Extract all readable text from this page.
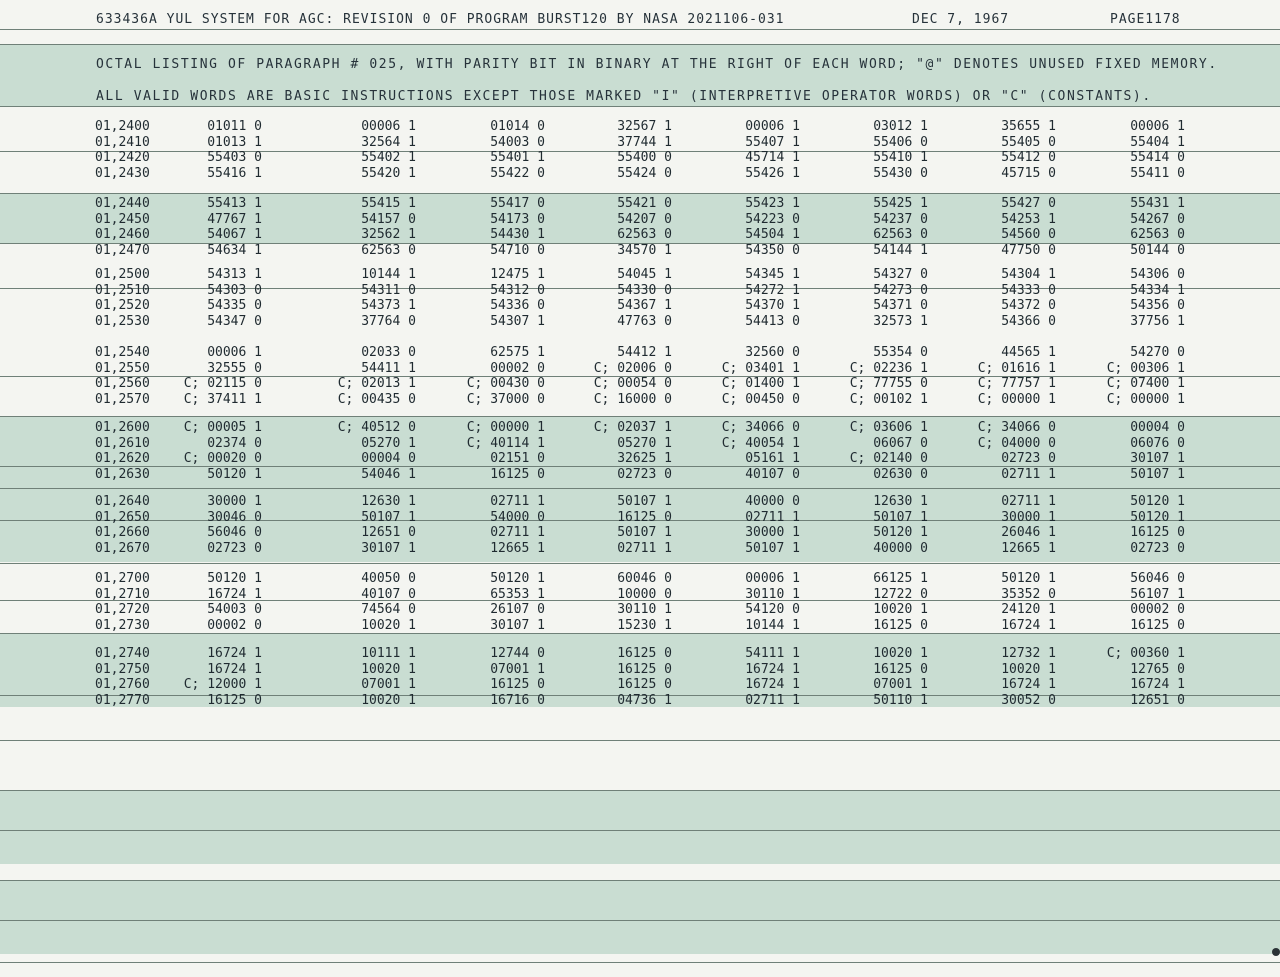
633436A YUL SYSTEM FOR AGC: REVISION 0 OF PROGRAM BURST120 BY NASA 2021106-031	DEC 7, 1967	PAGE1178
OCTAL LISTING OF PARAGRAPH # 025, WITH PARITY BIT IN BINARY AT THE RIGHT OF EACH WORD; "@" DENOTES UNUSED FIXED MEMORY.
ALL VALID WORDS ARE BASIC INSTRUCTIONS EXCEPT THOSE MARKED "I" (INTERPRETIVE OPERATOR WORDS) OR "C" (CONSTANTS).
01,2400	01011 0	00006 1	01014 0	32567 1	00006 1	03012 1	35655 1	00006 1
01,2410	01013 1	32564 1	54003 0	37744 1	55407 1	55406 0	55405 0	55404 1
01,2420	55403 0	55402 1	55401 1	55400 0	45714 1	55410 1	55412 0	55414 0
01,2430	55416 1	55420 1	55422 0	55424 0	55426 1	55430 0	45715 0	55411 0
01,2440	55413 1	55415 1	55417 0	55421 0	55423 1	55425 1	55427 0	55431 1
01,2450	47767 1	54157 0	54173 0	54207 0	54223 0	54237 0	54253 1	54267 0
01,2460	54067 1	32562 1	54430 1	62563 0	54504 1	62563 0	54560 0	62563 0
01,2470	54634 1	62563 0	54710 0	34570 1	54350 0	54144 1	47750 0	50144 0
01,2500	54313 1	10144 1	12475 1	54045 1	54345 1	54327 0	54304 1	54306 0
01,2510	54303 0	54311 0	54312 0	54330 0	54272 1	54273 0	54333 0	54334 1
01,2520	54335 0	54373 1	54336 0	54367 1	54370 1	54371 0	54372 0	54356 0
01,2530	54347 0	37764 0	54307 1	47763 0	54413 0	32573 1	54366 0	37756 1
01,2540	00006 1	02033 0	62575 1	54412 1	32560 0	55354 0	44565 1	54270 0
01,2550	32555 0	54411 1	00002 0	C; 02006 0	C; 03401 1	C; 02236 1	C; 01616 1	C; 00306 1
01,2560	C; 02115 0	C; 02013 1	C; 00430 0	C; 00054 0	C; 01400 1	C; 77755 0	C; 77757 1	C; 07400 1
01,2570	C; 37411 1	C; 00435 0	C; 37000 0	C; 16000 0	C; 00450 0	C; 00102 1	C; 00000 1	C; 00000 1
01,2600	C; 00005 1	C; 40512 0	C; 00000 1	C; 02037 1	C; 34066 0	C; 03606 1	C; 34066 0	00004 0
01,2610	02374 0	05270 1	C; 40114 1	05270 1	C; 40054 1	06067 0	C; 04000 0	06076 0
01,2620	C; 00020 0	00004 0	02151 0	32625 1	05161 1	C; 02140 0	02723 0	30107 1
01,2630	50120 1	54046 1	16125 0	02723 0	40107 0	02630 0	02711 1	50107 1
01,2640	30000 1	12630 1	02711 1	50107 1	40000 0	12630 1	02711 1	50120 1
01,2650	30046 0	50107 1	54000 0	16125 0	02711 1	50107 1	30000 1	50120 1
01,2660	56046 0	12651 0	02711 1	50107 1	30000 1	50120 1	26046 1	16125 0
01,2670	02723 0	30107 1	12665 1	02711 1	50107 1	40000 0	12665 1	02723 0
01,2700	50120 1	40050 0	50120 1	60046 0	00006 1	66125 1	50120 1	56046 0
01,2710	16724 1	40107 0	65353 1	10000 0	30110 1	12722 0	35352 0	56107 1
01,2720	54003 0	74564 0	26107 0	30110 1	54120 0	10020 1	24120 1	00002 0
01,2730	00002 0	10020 1	30107 1	15230 1	10144 1	16125 0	16724 1	16125 0
01,2740	16724 1	10111 1	12744 0	16125 0	54111 1	10020 1	12732 1	C; 00360 1
01,2750	16724 1	10020 1	07001 1	16125 0	16724 1	16125 0	10020 1	12765 0
01,2760	C; 12000 1	07001 1	16125 0	16125 0	16724 1	07001 1	16724 1	16724 1
01,2770	16125 0	10020 1	16716 0	04736 1	02711 1	50110 1	30052 0	12651 0
